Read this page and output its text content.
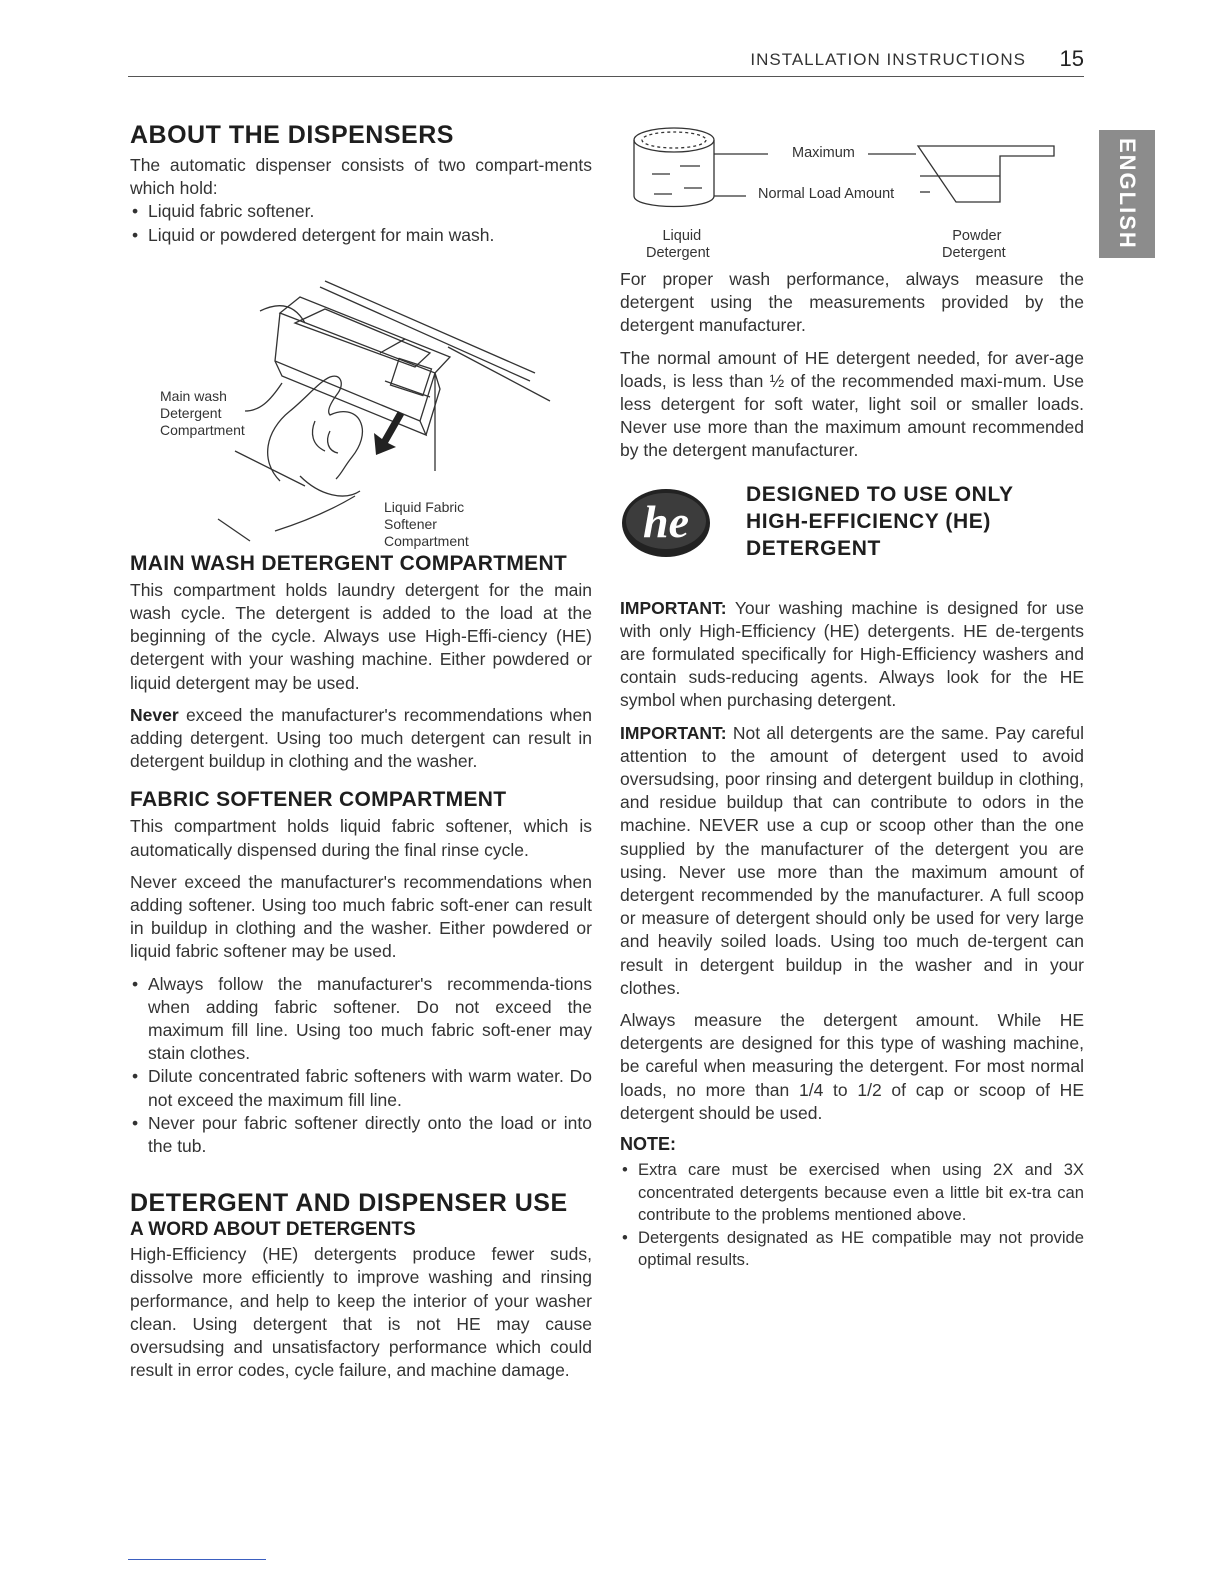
INSTALLATION INSTRUCTIONS 15
ENGLISH
ABOUT THE DISPENSERS

The automatic dispenser consists of two compart-ments which hold:

• Liquid fabric softener.
• Liquid or powdered detergent for main wash.
Main wash
Detergent
Compartment
Liquid Fabric
Softener
Compartment
MAIN WASH DETERGENT COMPARTMENT

This compartment holds laundry detergent for the main wash cycle. The detergent is added to the load at the beginning of the cycle. Always use High-Effi-ciency (HE) detergent with your washing machine. Either powdered or liquid detergent may be used.

Never exceed the manufacturer's recommendations when adding detergent. Using too much detergent can result in detergent buildup in clothing and the washer.

FABRIC SOFTENER COMPARTMENT

This compartment holds liquid fabric softener, which is automatically dispensed during the final rinse cycle.

Never exceed the manufacturer's recommendations when adding softener. Using too much fabric soft-ener can result in buildup in clothing and the washer. Either powdered or liquid fabric softener may be used.

• Always follow the manufacturer's recommenda-tions when adding fabric softener. Do not exceed the maximum fill line. Using too much fabric soft-ener may stain clothes.
• Dilute concentrated fabric softeners with warm water. Do not exceed the maximum fill line.
• Never pour fabric softener directly onto the load or into the tub.
DETERGENT AND DISPENSER USE
A WORD ABOUT DETERGENTS

High-Efficiency (HE) detergents produce fewer suds, dissolve more efficiently to improve washing and rinsing performance, and help to keep the interior of your washer clean. Using detergent that is not HE may cause oversudsing and unsatisfactory performance which could result in error codes, cycle failure, and machine damage.

Maximum
Normal Load Amount
Liquid
Detergent
Powder
Detergent

For proper wash performance, always measure the detergent using the measurements provided by the detergent manufacturer.

The normal amount of HE detergent needed, for aver-age loads, is less than ½ of the recommended maxi-mum. Use less detergent for soft water, light soil or smaller loads. Never use more than the maximum amount recommended by the detergent manufacturer.

he
DESIGNED TO USE ONLY
HIGH-EFFICIENCY (HE)
DETERGENT

IMPORTANT: Your washing machine is designed for use with only High-Efficiency (HE) detergents. HE de-tergents are formulated specifically for High-Efficiency washers and contain suds-reducing agents. Always look for the HE symbol when purchasing detergent.

IMPORTANT: Not all detergents are the same. Pay careful attention to the amount of detergent used to avoid oversudsing, poor rinsing and detergent buildup in clothing, and residue buildup that can contribute to odors in the machine. NEVER use a cup or scoop other than the one supplied by the manufacturer of the detergent you are using. Never use more than the maximum amount of detergent recommended by the manufacturer. A full scoop or measure of detergent should only be used for very large and heavily soiled loads. Using too much de-tergent can result in detergent buildup in the washer and in your clothes.

Always measure the detergent amount. While HE detergents are designed for this type of washing machine, be careful when measuring the detergent. For most normal loads, no more than 1/4 to 1/2 of cap or scoop of HE detergent should be used.

NOTE:
• Extra care must be exercised when using 2X and 3X concentrated detergents because even a little bit ex-tra can contribute to the problems mentioned above.
• Detergents designated as HE compatible may not provide optimal results.
